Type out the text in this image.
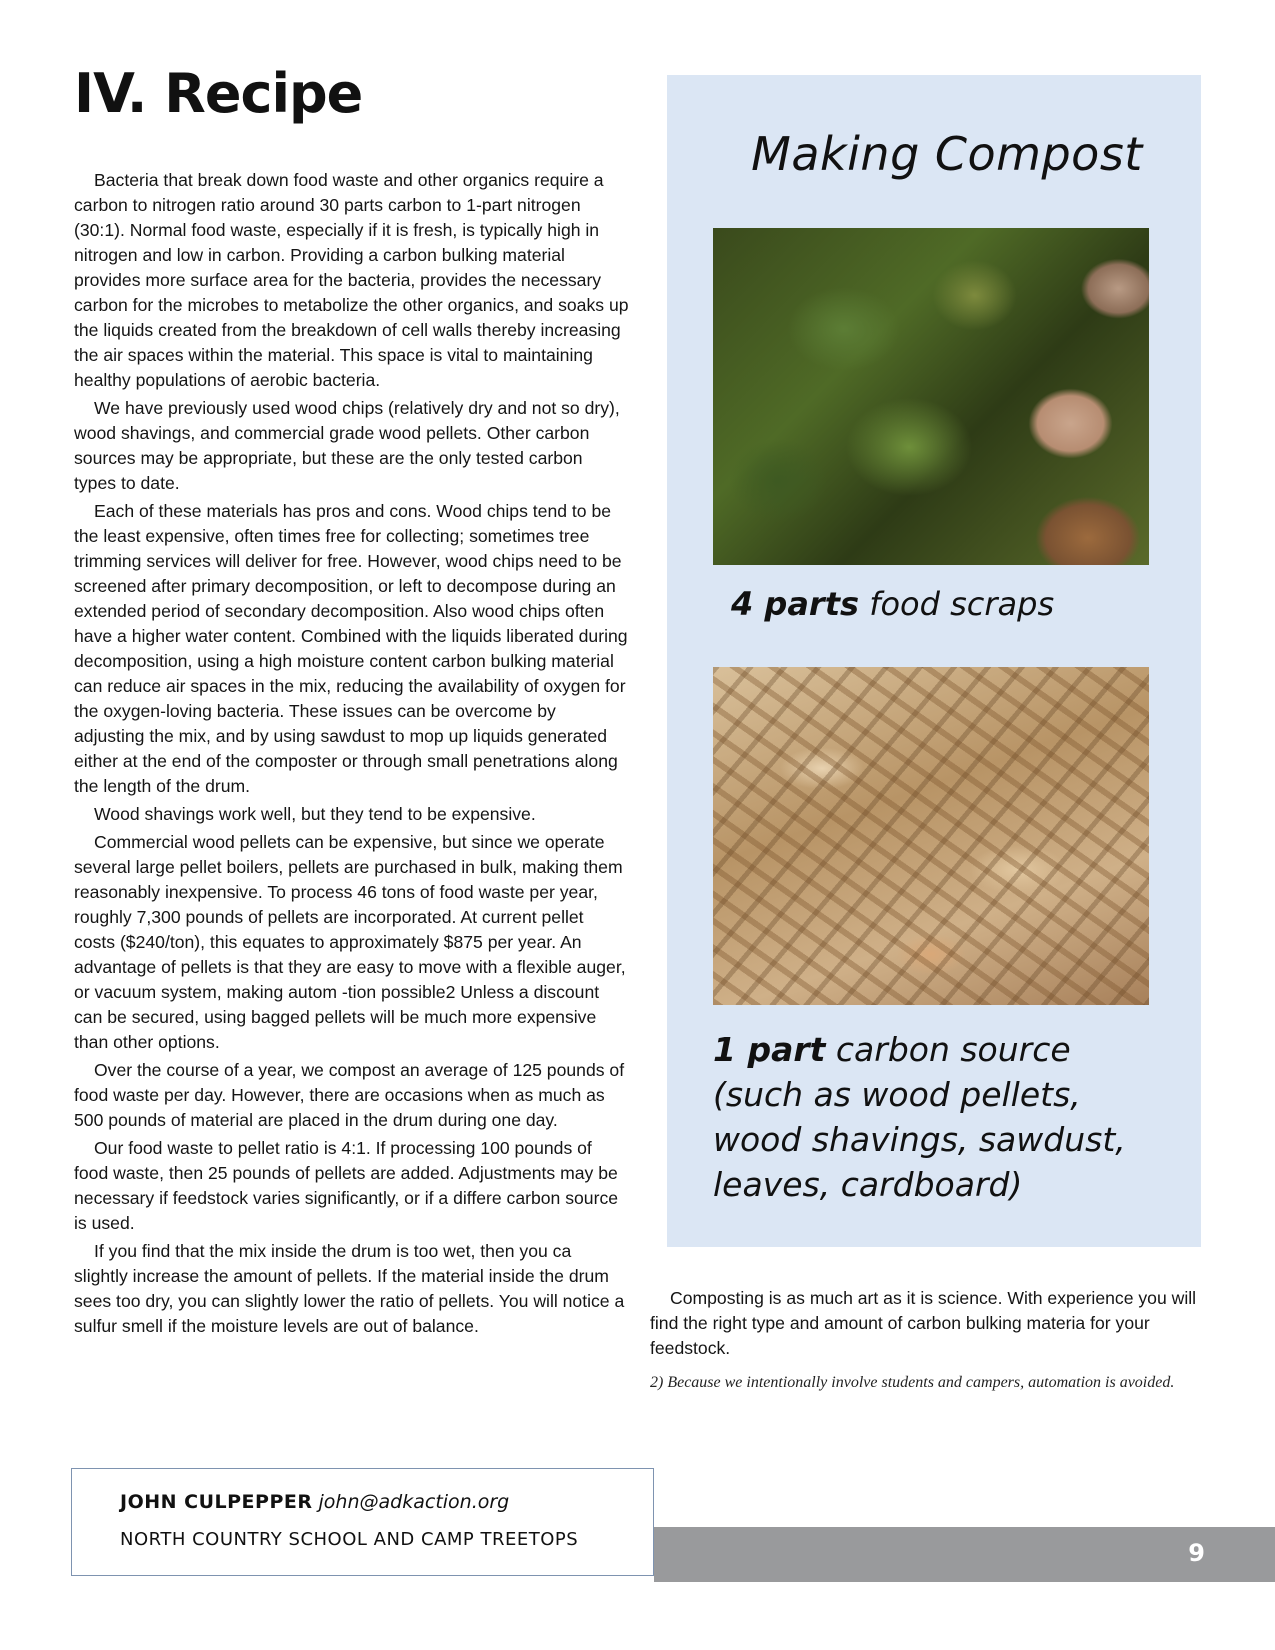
IV. Recipe

Bacteria that break down food waste and other organics require a carbon to nitrogen ratio around 30 parts carbon to 1-part nitrogen (30:1). Normal food waste, especially if it is fresh, is typically high in nitrogen and low in carbon. Providing a carbon bulking material provides more surface area for the bacteria, provides the necessary carbon for the microbes to metabolize the other organics, and soaks up the liquids created from the breakdown of cell walls thereby increasing the air spaces within the material. This space is vital to maintaining healthy populations of aerobic bacteria.

We have previously used wood chips (relatively dry and not so dry), wood shavings, and commercial grade wood pellets. Other carbon sources may be appropriate, but these are the only tested carbon types to date.

Each of these materials has pros and cons. Wood chips tend to be the least expensive, often times free for collecting; sometimes tree trimming services will deliver for free. However, wood chips need to be screened after primary decomposition, or left to decompose during an extended period of secondary decomposition. Also wood chips often have a higher water content. Combined with the liquids liberated during decomposition, using a high moisture content carbon bulking material can reduce air spaces in the mix, reducing the availability of oxygen for the oxygen-loving bacteria. These issues can be overcome by adjusting the mix, and by using sawdust to mop up liquids generated either at the end of the composter or through small penetrations along the length of the drum.

Wood shavings work well, but they tend to be expensive.

Commercial wood pellets can be expensive, but since we operate several large pellet boilers, pellets are purchased in bulk, making them reasonably inexpensive. To process 46 tons of food waste per year, roughly 7,300 pounds of pellets are incorporated. At current pellet costs ($240/ton), this equates to approximately $875 per year. An advantage of pellets is that they are easy to move with a flexible auger, or vacuum system, making autom -tion possible2 Unless a discount can be secured, using bagged pellets will be much more expensive than other options.

Over the course of a year, we compost an average of 125 pounds of food waste per day. However, there are occasions when as much as 500 pounds of material are placed in the drum during one day.

Our food waste to pellet ratio is 4:1. If processing 100 pounds of food waste, then 25 pounds of pellets are added. Adjustments may be necessary if feedstock varies significantly, or if a differe carbon source is used.

If you find that the mix inside the drum is too wet, then you ca slightly increase the amount of pellets. If the material inside the drum sees too dry, you can slightly lower the ratio of pellets. You will notice a sulfur smell if the moisture levels are out of balance.

Making Compost
4 parts food scraps
1 part carbon source
(such as wood pellets, wood shavings, sawdust, leaves, cardboard)

Composting is as much art as it is science. With experience you will find the right type and amount of carbon bulking materia for your feedstock.

2) Because we intentionally involve students and campers, automation is avoided.

JOHN CULPEPPER john@adkaction.org
NORTH COUNTRY SCHOOL AND CAMP TREETOPS	9
